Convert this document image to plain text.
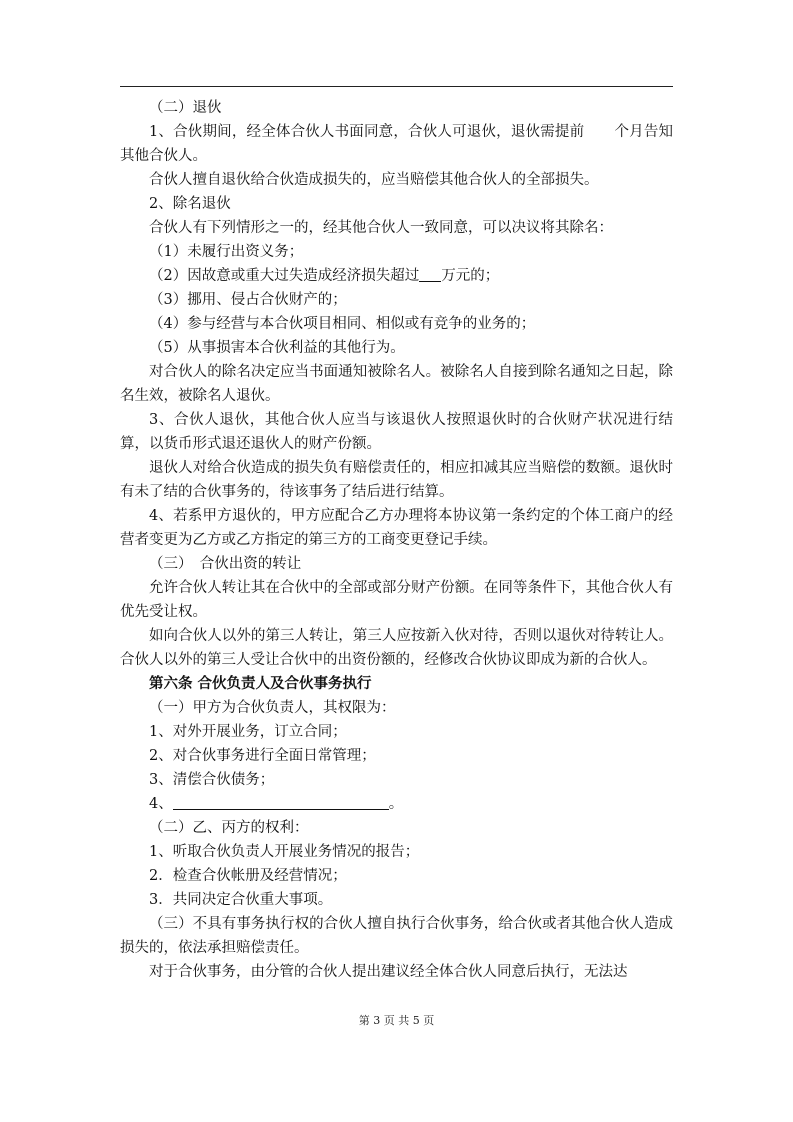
（二）退伙

1、合伙期间，经全体合伙人书面同意，合伙人可退伙，退伙需提前 个月告知其他合伙人。

合伙人擅自退伙给合伙造成损失的，应当赔偿其他合伙人的全部损失。

2、除名退伙

合伙人有下列情形之一的，经其他合伙人一致同意，可以决议将其除名：

（1）未履行出资义务；

（2）因故意或重大过失造成经济损失超过 万元的；

（3）挪用、侵占合伙财产的；

（4）参与经营与本合伙项目相同、相似或有竞争的业务的；

（5）从事损害本合伙利益的其他行为。

对合伙人的除名决定应当书面通知被除名人。被除名人自接到除名通知之日起，除名生效，被除名人退伙。

3、合伙人退伙，其他合伙人应当与该退伙人按照退伙时的合伙财产状况进行结算，以货币形式退还退伙人的财产份额。

退伙人对给合伙造成的损失负有赔偿责任的，相应扣减其应当赔偿的数额。退伙时有未了结的合伙事务的，待该事务了结后进行结算。

4、若系甲方退伙的，甲方应配合乙方办理将本协议第一条约定的个体工商户的经营者变更为乙方或乙方指定的第三方的工商变更登记手续。

（三）　合伙出资的转让

允许合伙人转让其在合伙中的全部或部分财产份额。在同等条件下，其他合伙人有优先受让权。

如向合伙人以外的第三人转让，第三人应按新入伙对待，否则以退伙对待转让人。合伙人以外的第三人受让合伙中的出资份额的，经修改合伙协议即成为新的合伙人。

第六条 合伙负责人及合伙事务执行

（一）甲方为合伙负责人，其权限为：

1、对外开展业务，订立合同；

2、对合伙事务进行全面日常管理；

3、清偿合伙债务；

4、	。

（二）乙、丙方的权利：

1、听取合伙负责人开展业务情况的报告；

2．检查合伙帐册及经营情况；

3．共同决定合伙重大事项。

（三）不具有事务执行权的合伙人擅自执行合伙事务，给合伙或者其他合伙人造成损失的，依法承担赔偿责任。

对于合伙事务，由分管的合伙人提出建议经全体合伙人同意后执行，无法达

第 3 页 共 5 页
